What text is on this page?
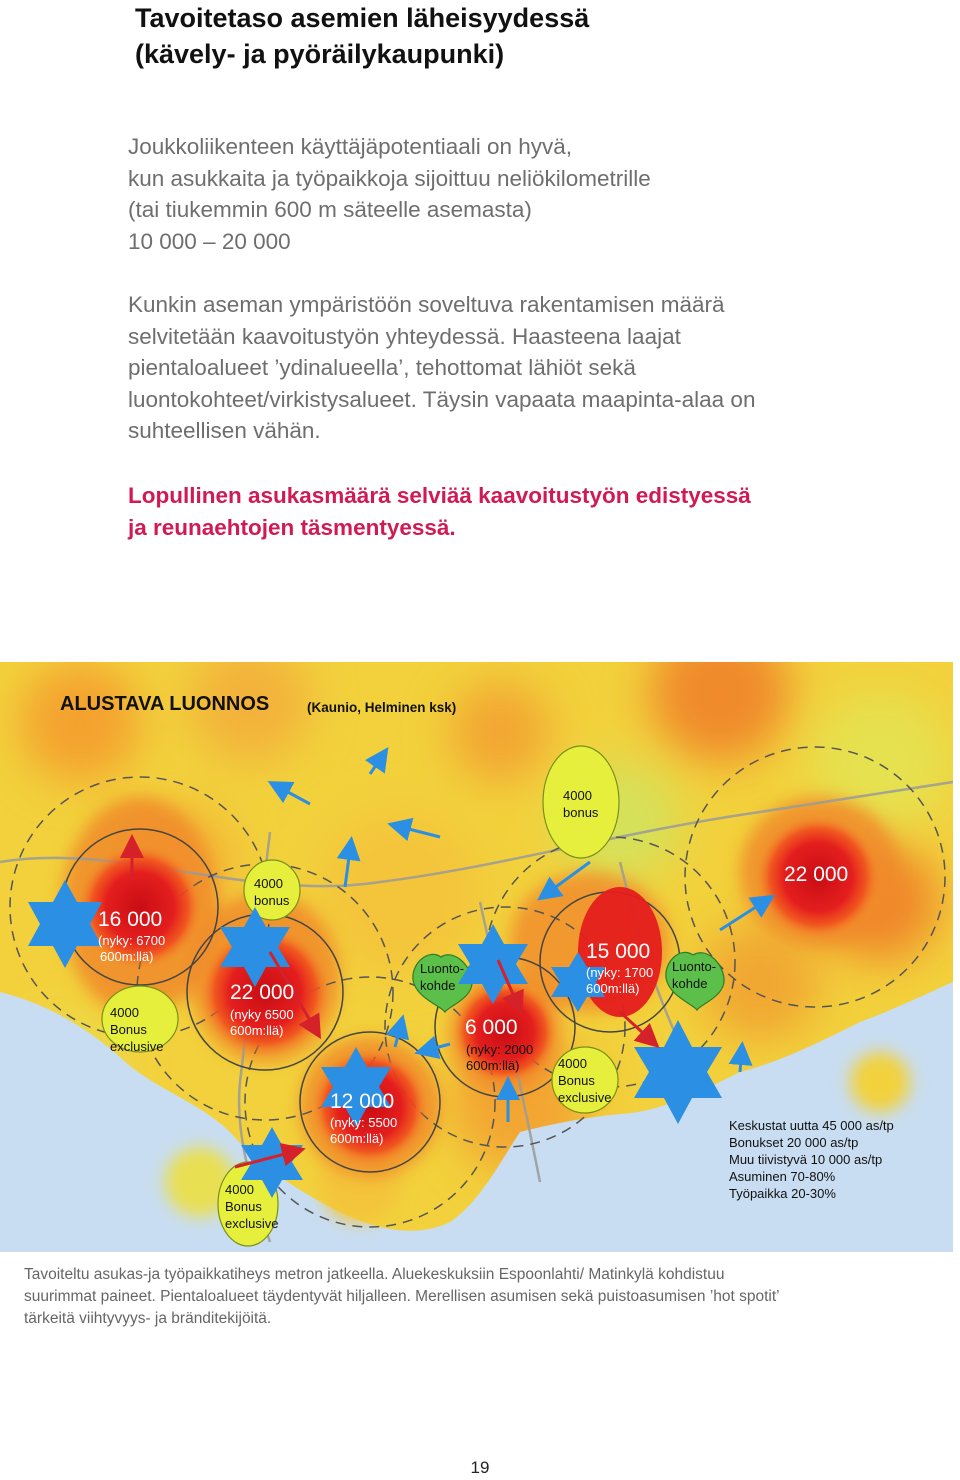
Tavoitetaso asemien läheisyydessä
(kävely- ja pyöräilykaupunki)
Joukkoliikenteen käyttäjäpotentiaali on hyvä,
kun asukkaita ja työpaikkoja sijoittuu neliökilometrille
(tai tiukemmin 600 m säteelle asemasta)
10 000 – 20 000
Kunkin aseman ympäristöön soveltuva rakentamisen määrä
selvitetään kaavoitustyön yhteydessä. Haasteena laajat
pientaloalueet ’ydinalueella’, tehottomat lähiöt sekä
luontokohteet/virkistysalueet. Täysin vapaata maapinta-alaa on
suhteellisen vähän.
Lopullinen asukasmäärä selviää kaavoitustyön edistyessä
ja reunaehtojen täsmentyessä.
ALUSTAVA LUONNOS	(Kaunio, Helminen ksk)
16 000
(nyky: 6700
600m:llä)
22 000
(nyky 6500
600m:llä)
12 000
(nyky: 5500
600m:llä)
6 000
15 000
(nyky: 1700
600m:llä)
22 000
(nyky: 2000
600m:llä)
4000
bonus
4000
bonus
4000
Bonus
exclusive
4000
Bonus
exclusive
4000
Bonus
exclusive
Luonto-
kohde
Luonto-
kohde
Keskustat uutta 45 000 as/tp
Bonukset 20 000 as/tp
Muu tiivistyvä 10 000 as/tp
Asuminen 70-80%
Työpaikka 20-30%
Tavoiteltu asukas-ja työpaikkatiheys metron jatkeella. Aluekeskuksiin Espoonlahti/ Matinkylä kohdistuu
suurimmat paineet. Pientaloalueet täydentyvät hiljalleen. Merellisen asumisen sekä puistoasumisen ’hot spotit’
tärkeitä viihtyvyys- ja bränditekijöitä.
19
